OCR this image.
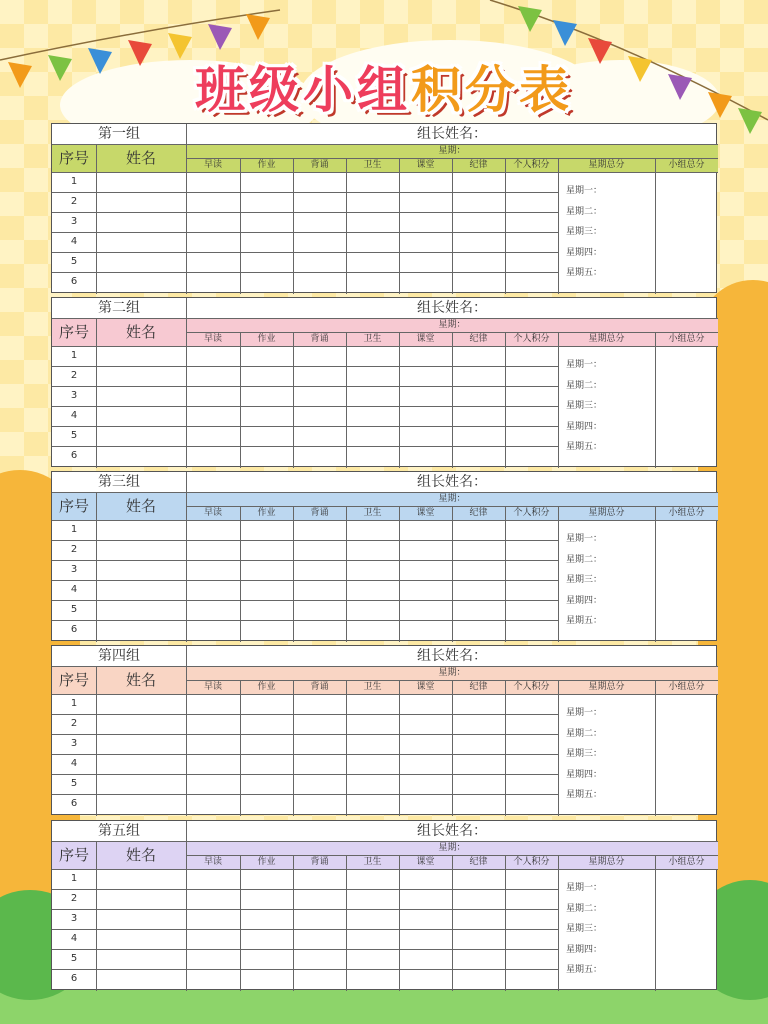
班级小组积分表
第一组	组长姓名：
序号	姓名	星期：
早读	作业	背诵	卫生	课堂	纪律	个人积分	星期总分	小组总分
1
2
3
4
5
6
星期一：
星期二：
星期三：
星期四：
星期五：
第二组	组长姓名：
序号	姓名	星期：
早读	作业	背诵	卫生	课堂	纪律	个人积分	星期总分	小组总分
1
2
3
4
5
6
星期一：
星期二：
星期三：
星期四：
星期五：
第三组	组长姓名：
序号	姓名	星期：
早读	作业	背诵	卫生	课堂	纪律	个人积分	星期总分	小组总分
1
2
3
4
5
6
星期一：
星期二：
星期三：
星期四：
星期五：
第四组	组长姓名：
序号	姓名	星期：
早读	作业	背诵	卫生	课堂	纪律	个人积分	星期总分	小组总分
1
2
3
4
5
6
星期一：
星期二：
星期三：
星期四：
星期五：
第五组	组长姓名：
序号	姓名	星期：
早读	作业	背诵	卫生	课堂	纪律	个人积分	星期总分	小组总分
1
2
3
4
5
6
星期一：
星期二：
星期三：
星期四：
星期五：
